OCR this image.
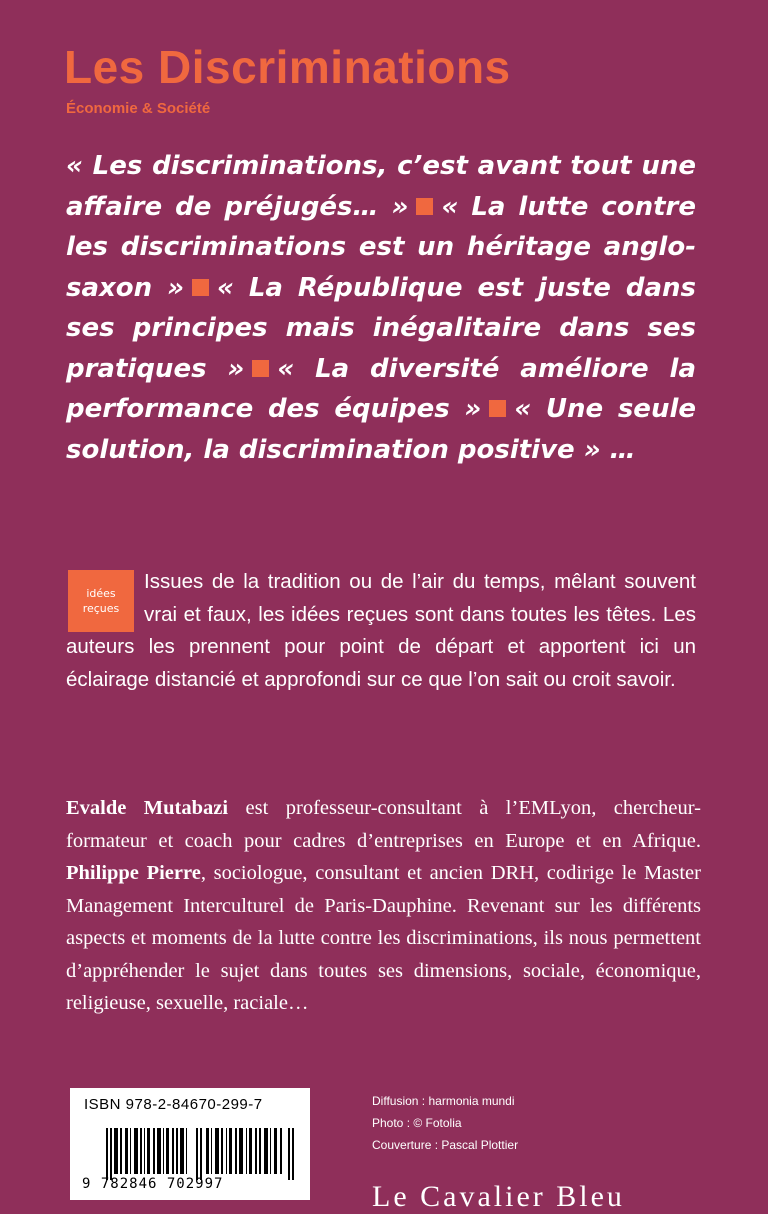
Les Discriminations
Économie & Société
« Les discriminations, c’est avant tout une affaire de préjugés… » « La lutte contre les discriminations est un héritage anglo-saxon » « La République est juste dans ses principes mais inégalitaire dans ses pratiques » « La diversité améliore la performance des équipes » « Une seule solution, la discrimination positive » …
Issues de la tradition ou de l’air du temps, mêlant souvent vrai et faux, les idées reçues sont dans toutes les têtes. Les auteurs les prennent pour point de départ et apportent ici un éclairage distancié et approfondi sur ce que l’on sait ou croit savoir.
idées
reçues
Evalde Mutabazi est professeur-consultant à l’EMLyon, chercheur-formateur et coach pour cadres d’entreprises en Europe et en Afrique. Philippe Pierre, sociologue, consultant et ancien DRH, codirige le Master Management Interculturel de Paris-Dauphine. Revenant sur les différents aspects et moments de la lutte contre les discriminations, ils nous permettent d’appréhender le sujet dans toutes ses dimensions, sociale, économique, religieuse, sexuelle, raciale…
ISBN 978-2-84670-299-7
9 782846 702997
Diffusion : harmonia mundi
Photo : © Fotolia
Couverture : Pascal Plottier
Le Cavalier Bleu
